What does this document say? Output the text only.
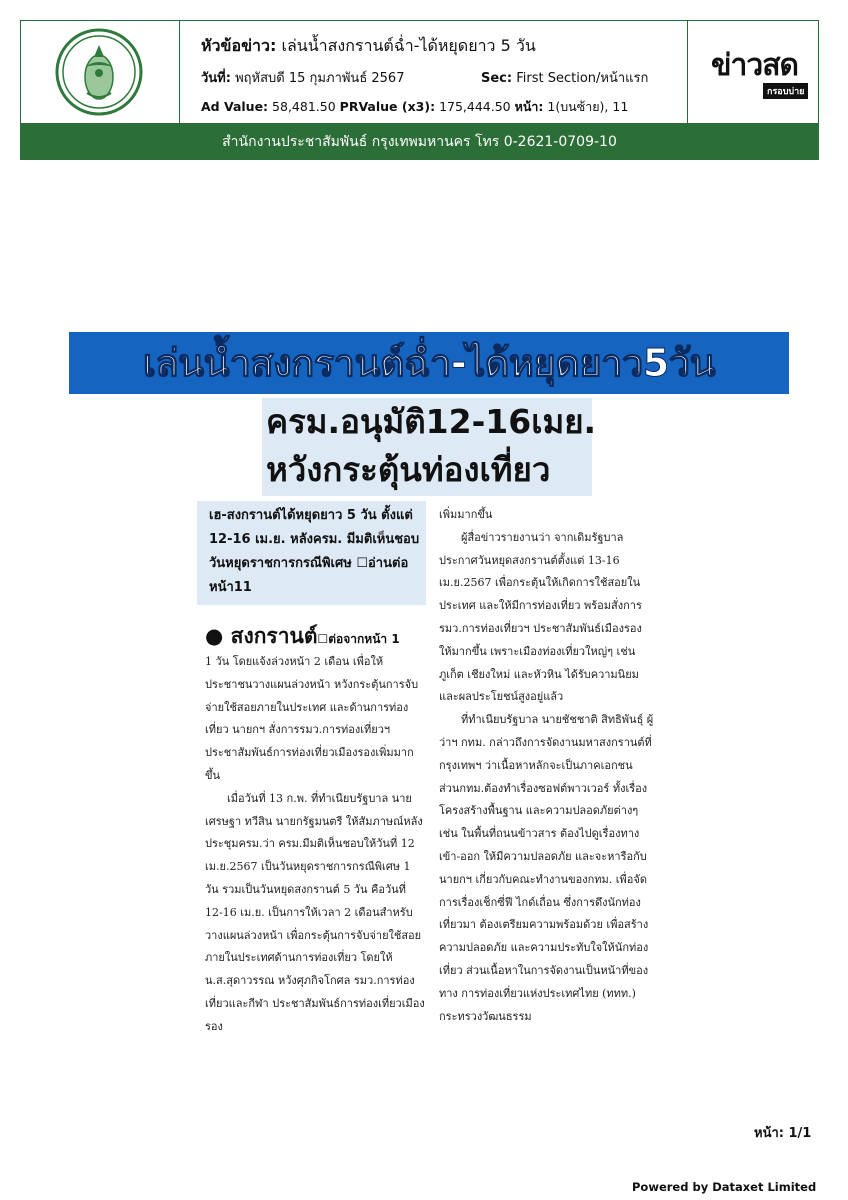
หัวข้อข่าว: เล่นน้ำสงกรานต์ฉ่ำ-ได้หยุดยาว 5 วัน
วันที่: พฤหัสบดี 15 กุมภาพันธ์ 2567	Sec: First Section/หน้าแรก
Ad Value: 58,481.50 PRValue (x3): 175,444.50 หน้า: 1(บนซ้าย), 11
ข่าวสด
กรอบบ่าย
สำนักงานประชาสัมพันธ์ กรุงเทพมหานคร โทร 0-2621-0709-10
เล่นน้ำสงกรานต์ฉ่ำ-ได้หยุดยาว5วัน
ครม.อนุมัติ12-16เมย.
หวังกระตุ้นท่องเที่ยว
เฮ-สงกรานต์ได้หยุดยาว 5 วัน ตั้งแต่ 12-16 เม.ย. หลังครม. มีมติเห็นชอบวันหยุดราชการกรณีพิเศษ ☐อ่านต่อหน้า11
● สงกรานต์☐ต่อจากหน้า 1

1 วัน โดยแจ้งล่วงหน้า 2 เดือน เพื่อให้ประชาชนวางแผนล่วงหน้า หวังกระตุ้นการจับจ่ายใช้สอยภายในประเทศ และด้านการท่องเที่ยว นายกฯ สั่งการรมว.การท่องเที่ยวฯ ประชาสัมพันธ์การท่องเที่ยวเมืองรองเพิ่มมากขึ้น

เมื่อวันที่ 13 ก.พ. ที่ทำเนียบรัฐบาล นายเศรษฐา ทวีสิน นายกรัฐมนตรี ให้สัมภาษณ์หลังประชุมครม.ว่า ครม.มีมติเห็นชอบให้วันที่ 12 เม.ย.2567 เป็นวันหยุดราชการกรณีพิเศษ 1 วัน รวมเป็นวันหยุดสงกรานต์ 5 วัน คือวันที่ 12-16 เม.ย. เป็นการให้เวลา 2 เดือนสำหรับวางแผนล่วงหน้า เพื่อกระตุ้นการจับจ่ายใช้สอยภายในประเทศด้านการท่องเที่ยว โดยให้น.ส.สุดาวรรณ หวังศุภกิจโกศล รมว.การท่องเที่ยวและกีฬา ประชาสัมพันธ์การท่องเที่ยวเมืองรอง

เพิ่มมากขึ้น

ผู้สื่อข่าวรายงานว่า จากเดิมรัฐบาลประกาศวันหยุดสงกรานต์ตั้งแต่ 13-16 เม.ย.2567 เพื่อกระตุ้นให้เกิดการใช้สอยในประเทศ และให้มีการท่องเที่ยว พร้อมสั่งการรมว.การท่องเที่ยวฯ ประชาสัมพันธ์เมืองรองให้มากขึ้น เพราะเมืองท่องเที่ยวใหญ่ๆ เช่น ภูเก็ต เชียงใหม่ และหัวหิน ได้รับความนิยม และผลประโยชน์สูงอยู่แล้ว

ที่ทำเนียบรัฐบาล นายชัชชาติ สิทธิพันธุ์ ผู้ว่าฯ กทม. กล่าวถึงการจัดงานมหาสงกรานต์ที่กรุงเทพฯ ว่าเนื้อหาหลักจะเป็นภาคเอกชน ส่วนกทม.ต้องทำเรื่องซอฟต์พาวเวอร์ ทั้งเรื่องโครงสร้างพื้นฐาน และความปลอดภัยต่างๆ เช่น ในพื้นที่ถนนข้าวสาร ต้องไปดูเรื่องทางเข้า-ออก ให้มีความปลอดภัย และจะหารือกับนายกฯ เกี่ยวกับคณะทำงานของกทม. เพื่อจัดการเรื่องเช็กซี่ฟี ไกด์เถื่อน ซึ่งการดึงนักท่องเที่ยวมา ต้องเตรียมความพร้อมด้วย เพื่อสร้างความปลอดภัย และความประทับใจให้นักท่องเที่ยว ส่วนเนื้อหาในการจัดงานเป็นหน้าที่ของทาง การท่องเที่ยวแห่งประเทศไทย (ททท.) กระทรวงวัฒนธรรม

หน้า: 1/1
Powered by Dataxet Limited
